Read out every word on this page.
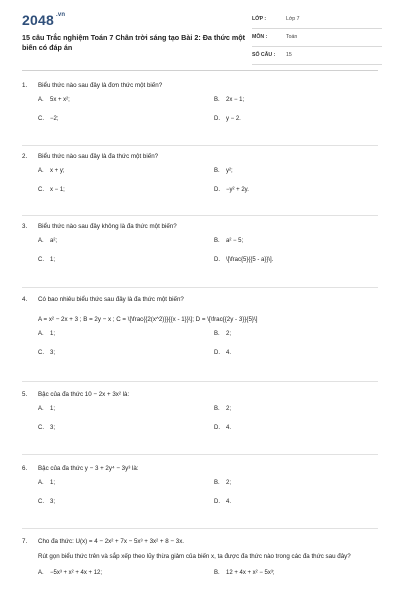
2048 $^{.vn}$
15 câu Trắc nghiệm Toán 7 Chân trời sáng tạo Bài 2: Đa thức một biến có đáp án
LỚP :	Lớp 7
MÔN :	Toán
SỐ CÂU : 15
1. Biểu thức nào sau đây là đơn thức một biến?
A. 5x + x²;	B. 2x − 1;
C. −2;	D. y − 2.
2. Biểu thức nào sau đây là đa thức một biến?
A. x + y;	B. y²;
C. x − 1;	D. −y² + 2y.
3. Biểu thức nào sau đây không là đa thức một biến?
A. a²;	B. a² − 5;
C. 1;	D. \[\frac{5}{{5 - a}}\].
4. Có bao nhiêu biểu thức sau đây là đa thức một biến?
A = x² − 2x + 3 ; B = 2y − x ; C = \[\frac{{2(x^2)}}{{x - 1}}\]; D = \[\frac{{2y - 3}}{5}\]
A. 1;	B. 2;
C. 3;	D. 4.
5. Bậc của đa thức 10 − 2x + 3x² là:
A. 1;	B. 2;
C. 3;	D. 4.
6. Bậc của đa thức y − 3 + 2y⁴ − 3y³ là:
A. 1;	B. 2;
C. 3;	D. 4.
7. Cho đa thức: U(x) = 4 − 2x² + 7x − 5x³ + 3x² + 8 − 3x.
Rút gọn biểu thức trên và sắp xếp theo lũy thừa giảm của biến x, ta được đa thức nào trong các đa thức sau đây?
A. −5x³ + x² + 4x + 12;	B. 12 + 4x + x² − 5x³;
